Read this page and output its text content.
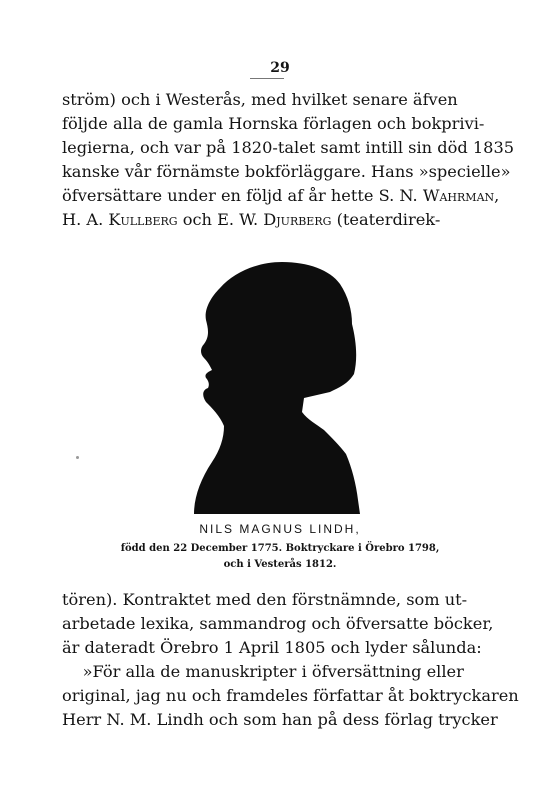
29
ström) och i Westerås, med hvilket senare äfven
följde alla de gamla Hornska förlagen och bokprivi-
legierna, och var på 1820-talet samt intill sin död 1835
kanske vår förnämste bokförläggare. Hans »specielle»
öfversättare under en följd af år hette S. N. Wahrman,
H. A. Kullberg och E. W. Djurberg (teaterdirek-
NILS MAGNUS LINDH,
född den 22 December 1775. Boktryckare i Örebro 1798,
och i Vesterås 1812.
tören). Kontraktet med den förstnämnde, som ut-
arbetade lexika, sammandrog och öfversatte böcker,
är dateradt Örebro 1 April 1805 och lyder sålunda:
»För alla de manuskripter i öfversättning eller
original, jag nu och framdeles författar åt boktryckaren
Herr N. M. Lindh och som han på dess förlag trycker
